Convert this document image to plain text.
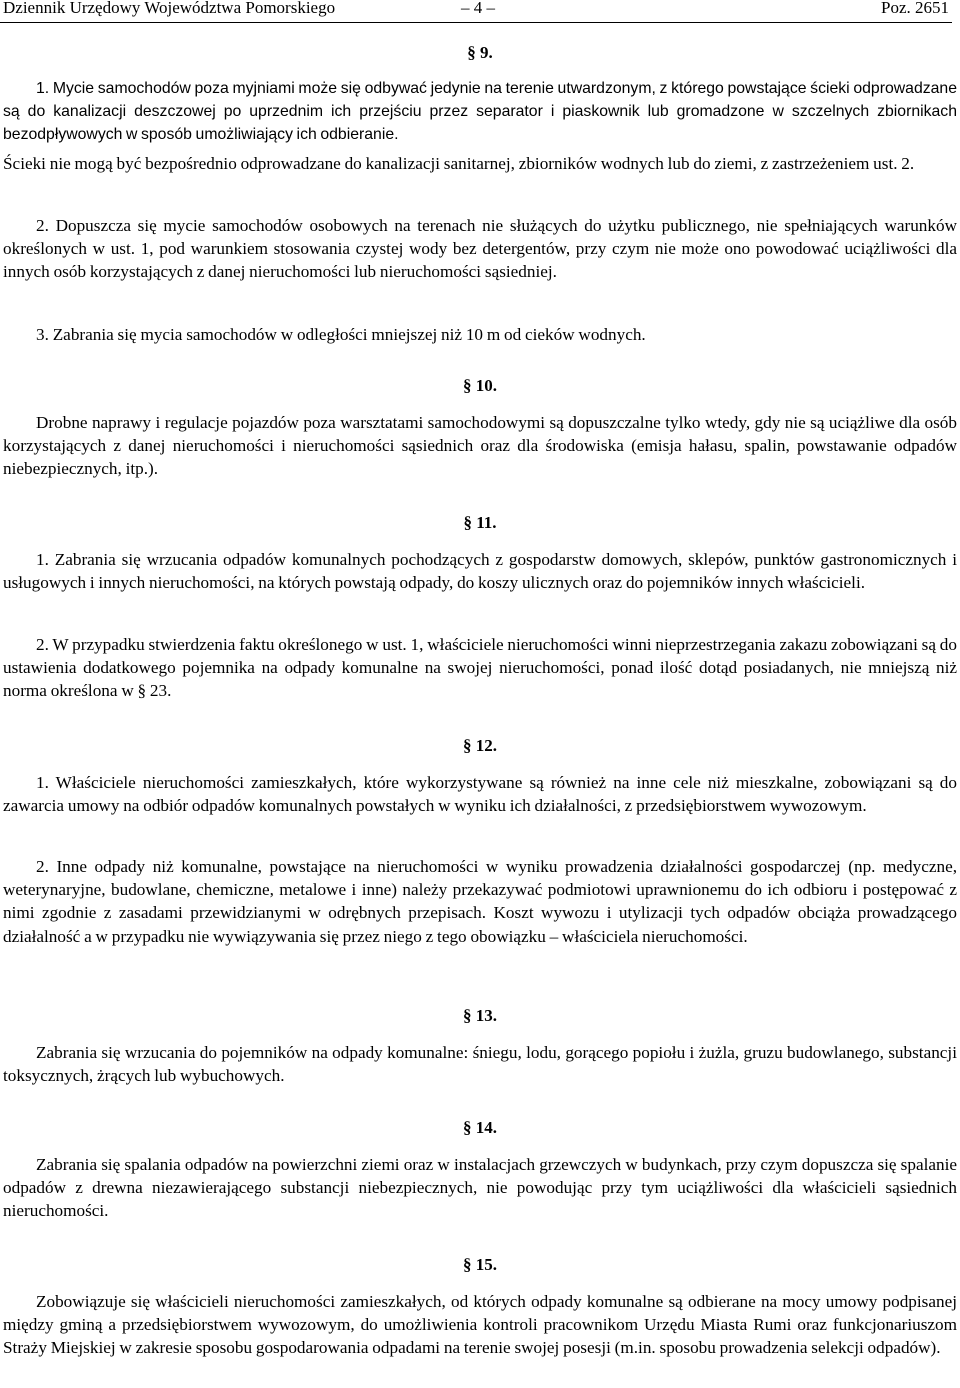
Dziennik Urzędowy Województwa Pomorskiego	– 4 –	Poz. 2651
§ 9.
1. Mycie samochodów poza myjniami może się odbywać jedynie na terenie utwardzonym, z którego powstające ścieki odprowadzane są do kanalizacji deszczowej po uprzednim ich przejściu przez separator i piaskownik lub gromadzone w szczelnych zbiornikach bezodpływowych w sposób umożliwiający ich odbieranie.
Ścieki nie mogą być bezpośrednio odprowadzane do kanalizacji sanitarnej, zbiorników wodnych lub do ziemi, z zastrzeżeniem ust. 2.
2. Dopuszcza się mycie samochodów osobowych na terenach nie służących do użytku publicznego, nie spełniających warunków określonych w ust. 1, pod warunkiem stosowania czystej wody bez detergentów, przy czym nie może ono powodować uciążliwości dla innych osób korzystających z danej nieruchomości lub nieruchomości sąsiedniej.
3. Zabrania się mycia samochodów w odległości mniejszej niż 10 m od cieków wodnych.
§ 10.
Drobne naprawy i regulacje pojazdów poza warsztatami samochodowymi są dopuszczalne tylko wtedy, gdy nie są uciążliwe dla osób korzystających z danej nieruchomości i nieruchomości sąsiednich oraz dla środowiska (emisja hałasu, spalin, powstawanie odpadów niebezpiecznych, itp.).
§ 11.
1. Zabrania się wrzucania odpadów komunalnych pochodzących z gospodarstw domowych, sklepów, punktów gastronomicznych i usługowych i innych nieruchomości, na których powstają odpady, do koszy ulicznych oraz do pojemników innych właścicieli.
2. W przypadku stwierdzenia faktu określonego w ust. 1, właściciele nieruchomości winni nieprzestrzegania zakazu zobowiązani są do ustawienia dodatkowego pojemnika na odpady komunalne na swojej nieruchomości, ponad ilość dotąd posiadanych, nie mniejszą niż norma określona w § 23.
§ 12.
1. Właściciele nieruchomości zamieszkałych, które wykorzystywane są również na inne cele niż mieszkalne, zobowiązani są do zawarcia umowy na odbiór odpadów komunalnych powstałych w wyniku ich działalności, z przedsiębiorstwem wywozowym.
2. Inne odpady niż komunalne, powstające na nieruchomości w wyniku prowadzenia działalności gospodarczej (np. medyczne, weterynaryjne, budowlane, chemiczne, metalowe i inne) należy przekazywać podmiotowi uprawnionemu do ich odbioru i postępować z nimi zgodnie z zasadami przewidzianymi w odrębnych przepisach. Koszt wywozu i utylizacji tych odpadów obciąża prowadzącego działalność a w przypadku nie wywiązywania się przez niego z tego obowiązku – właściciela nieruchomości.
§ 13.
Zabrania się wrzucania do pojemników na odpady komunalne: śniegu, lodu, gorącego popiołu i żużla, gruzu budowlanego, substancji toksycznych, żrących lub wybuchowych.
§ 14.
Zabrania się spalania odpadów na powierzchni ziemi oraz w instalacjach grzewczych w budynkach, przy czym dopuszcza się spalanie odpadów z drewna niezawierającego substancji niebezpiecznych, nie powodując przy tym uciążliwości dla właścicieli sąsiednich nieruchomości.
§ 15.
Zobowiązuje się właścicieli nieruchomości zamieszkałych, od których odpady komunalne są odbierane na mocy umowy podpisanej między gminą a przedsiębiorstwem wywozowym, do umożliwienia kontroli pracownikom Urzędu Miasta Rumi oraz funkcjonariuszom Straży Miejskiej w zakresie sposobu gospodarowania odpadami na terenie swojej posesji (m.in. sposobu prowadzenia selekcji odpadów).
